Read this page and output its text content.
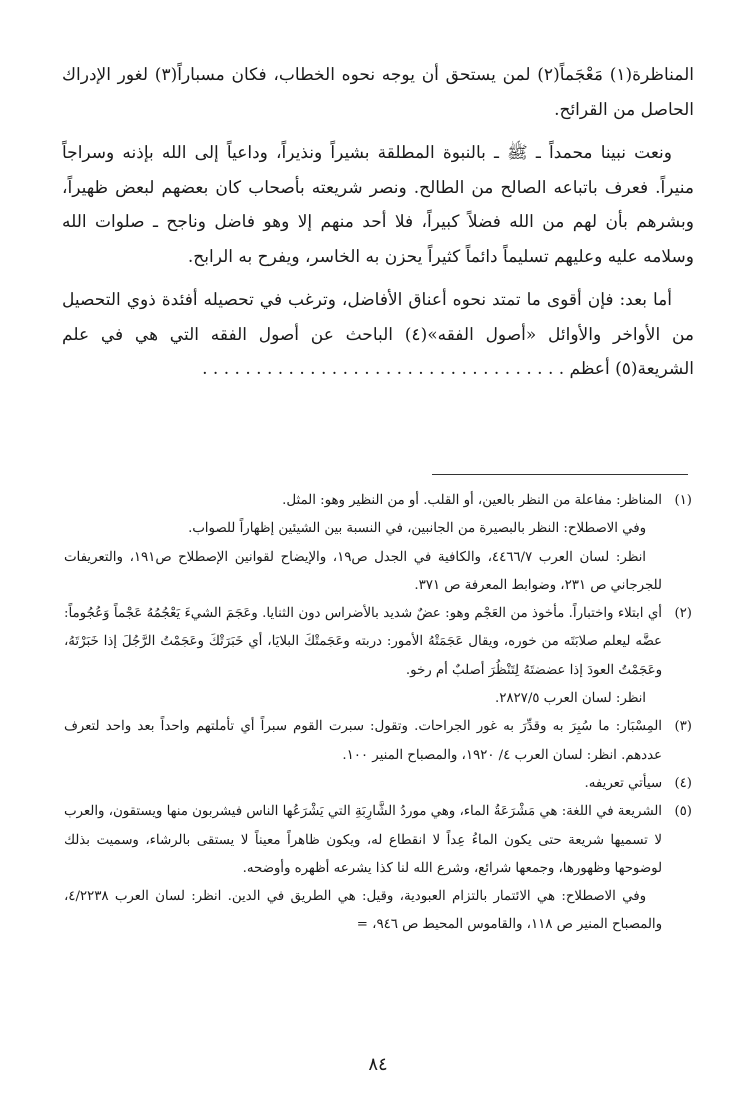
المناظرة(١) مَعْجَماً(٢) لمن يستحق أن يوجه نحوه الخطاب، فكان مسباراً(٣) لغور الإدراك الحاصل من القرائح.

ونعت نبينا محمداً ـ ﷺ ـ بالنبوة المطلقة بشيراً ونذيراً، وداعياً إلى الله بإذنه وسراجاً منيراً. فعرف باتباعه الصالح من الطالح. ونصر شريعته بأصحاب كان بعضهم لبعض ظهيراً، وبشرهم بأن لهم من الله فضلاً كبيراً، فلا أحد منهم إلا وهو فاضل وناجح ـ صلوات الله وسلامه عليه وعليهم تسليماً دائماً كثيراً يحزن به الخاسر، ويفرح به الرابح.

أما بعد: فإن أقوى ما تمتد نحوه أعناق الأفاضل، وترغب في تحصيله أفئدة ذوي التحصيل من الأواخر والأوائل «أصول الفقه»(٤) الباحث عن أصول الفقه التي هي في علم الشريعة(٥) أعظم . . . . . . . . . . . . . . . . . . . . . . . . . . . . . . . . . .

(١)

المناظر: مفاعلة من النظر بالعين، أو القلب. أو من النظير وهو: المثل.

وفي الاصطلاح: النظر بالبصيرة من الجانبين، في النسبة بين الشيئين إظهاراً للصواب.

انظر: لسان العرب ٤٤٦٦/٧، والكافية في الجدل ص١٩، والإيضاح لقوانين الإصطلاح ص١٩١، والتعريفات للجرجاني ص ٢٣١، وضوابط المعرفة ص ٣٧١.

(٢)

أي ابتلاء واختباراً. مأخوذ من العَجْم وهو: عضٌ شديد بالأضراس دون الثنايا. وعَجَمَ الشيءَ يَعْجُمُهُ عَجْماً وَعُجُوماً: عضَّه ليعلم صلابَتَه من خوره، ويقال عَجَمَتْهُ الأمور: دربته وعَجَمتْكَ البلايَا، أي خَبَرَتْكَ وعَجَمْتُ الرَّجُلَ إذا خَبَرْتَهُ، وعَجَمْتُ العودَ إذا عضضتَهُ لِتَنْظُرَ أصلبٌ أم رخو.

انظر: لسان العرب ٢٨٢٧/٥.

(٣)

المِسْبَار: ما سُبِرَ به وقدِّرَ به غور الجراحات. وتقول: سبرت القوم سبراً أي تأملتهم واحداً بعد واحد لتعرف عددهم. انظر: لسان العرب ٤/ ١٩٢٠، والمصباح المنير ١٠٠.

(٤)

سيأتي تعريفه.

(٥)

الشريعة في اللغة: هي مَشْرَعَةُ الماء، وهي موردُ الشَّارِبَةِ التي يَشْرَعُها الناس فيشربون منها ويستقون، والعرب لا تسميها شريعة حتى يكون الماءُ عِداً لا انقطاع له، ويكون ظاهراً معيناً لا يستقى بالرشاء، وسميت بذلك لوضوحها وظهورها، وجمعها شرائع، وشرع الله لنا كذا يشرعه أظهره وأوضحه.

وفي الاصطلاح: هي الائتمار بالتزام العبودية، وقيل: هي الطريق في الدين. انظر: لسان العرب ٤/٢٢٣٨، والمصباح المنير ص ١١٨، والقاموس المحيط ص ٩٤٦، =

٨٤
